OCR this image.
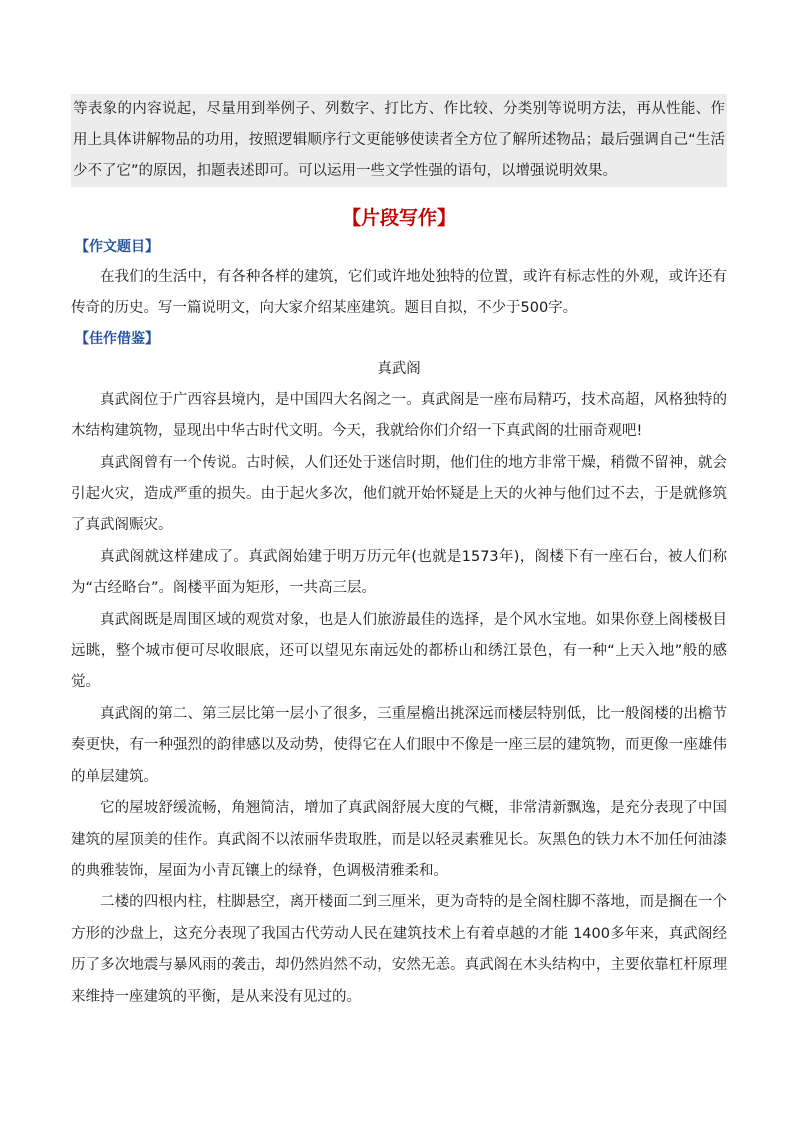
等表象的内容说起，尽量用到举例子、列数字、打比方、作比较、分类别等说明方法，再从性能、作用上具体讲解物品的功用，按照逻辑顺序行文更能够使读者全方位了解所述物品；最后强调自己“生活少不了它”的原因，扣题表述即可。可以运用一些文学性强的语句，以增强说明效果。
【片段写作】
【作文题目】

在我们的生活中，有各种各样的建筑，它们或许地处独特的位置，或许有标志性的外观，或许还有传奇的历史。写一篇说明文，向大家介绍某座建筑。题目自拟，不少于500字。

【佳作借鉴】
真武阁

真武阁位于广西容县境内，是中国四大名阁之一。真武阁是一座布局精巧，技术高超，风格独特的木结构建筑物，显现出中华古时代文明。今天，我就给你们介绍一下真武阁的壮丽奇观吧!

真武阁曾有一个传说。古时候，人们还处于迷信时期，他们住的地方非常干燥，稍微不留神，就会引起火灾，造成严重的损失。由于起火多次，他们就开始怀疑是上天的火神与他们过不去，于是就修筑了真武阁赈灾。

真武阁就这样建成了。真武阁始建于明万历元年(也就是1573年)，阁楼下有一座石台，被人们称为“古经略台”。阁楼平面为矩形，一共高三层。

真武阁既是周围区域的观赏对象，也是人们旅游最佳的选择，是个风水宝地。如果你登上阁楼极目远眺，整个城市便可尽收眼底，还可以望见东南远处的都桥山和绣江景色，有一种“上天入地”般的感觉。

真武阁的第二、第三层比第一层小了很多，三重屋檐出挑深远而楼层特别低，比一般阁楼的出檐节奏更快，有一种强烈的韵律感以及动势，使得它在人们眼中不像是一座三层的建筑物，而更像一座雄伟的单层建筑。

它的屋坡舒缓流畅，角翘简洁，增加了真武阁舒展大度的气概，非常清新飘逸，是充分表现了中国建筑的屋顶美的佳作。真武阁不以浓丽华贵取胜，而是以轻灵素雅见长。灰黑色的铁力木不加任何油漆的典雅装饰，屋面为小青瓦镶上的绿脊，色调极清雅柔和。

二楼的四根内柱，柱脚悬空，离开楼面二到三厘米，更为奇特的是全阁柱脚不落地，而是搁在一个方形的沙盘上，这充分表现了我国古代劳动人民在建筑技术上有着卓越的才能 1400多年来，真武阁经历了多次地震与暴风雨的袭击，却仍然岿然不动，安然无恙。真武阁在木头结构中，主要依靠杠杆原理来维持一座建筑的平衡，是从来没有见过的。
